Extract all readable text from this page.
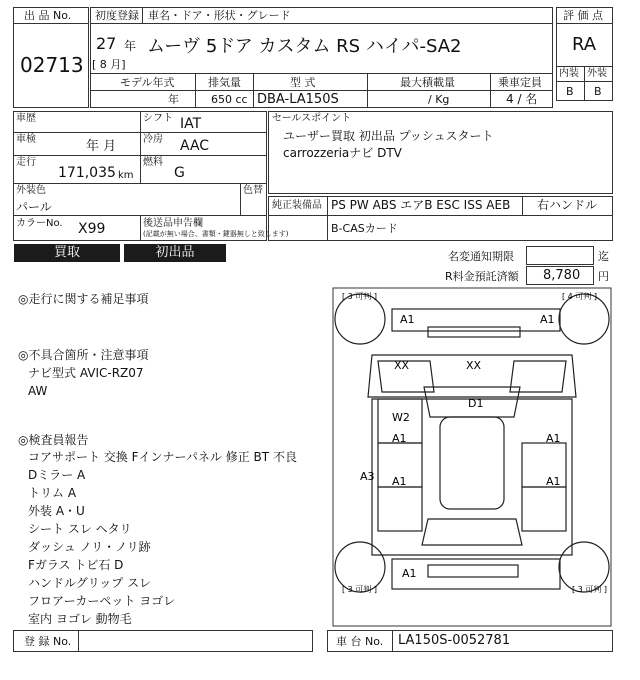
出 品 No.
02713
初度登録 車名・ドア・形状・グレード
27 年
[ 8 月]
ムーヴ 5ドア カスタム RS ハイパ-SA2
モデル年式	排気量	型 式	最大積載量	乗車定員
年	650 cc DBA-LA150S	/ Kg	4 / 名
評 価 点
RA
内装 外装
B B
車歴	シフト IAT
車検	年 月	冷房 AAC
走行
171,035 km
燃料
G
外装色
パール
色替
カラーNo. X99	後送品申告欄
セールスポイント
ユーザー買取 初出品 プッシュスタート
carrozzeriaナビ DTV
純正装備品 PS PW ABS エアB ESC ISS AEB 右ハンドル
B-CASカード
(記載が無い場合、書類・鍵器無しと致します)
買取	初出品	名変通知期限	迄
R料金預託済額 8,780 円
◎走行に関する補足事項
◎不具合箇所・注意事項
ナビ型式 AVIC-RZ07
AW
◎検査員報告
コアサポート 交換 Fインナーパネル 修正 BT 不良
Dミラー A
トリム A
外装 A・U
シート スレ ヘタリ
ダッシュ ノリ・ノリ跡
Fガラス トビ石 D
ハンドルグリップ スレ
フロアーカーペット ヨゴレ
室内 ヨゴレ 動物毛
[ 3 可判 ]	[ 4 可判 ]
[ 3 可判 ]	[ 3 可判 ]
A1	A1
XX	XX
D1
W2
A1	A1
A3 A1	A1
A1
登 録 No.	車 台 No. LA150S-0052781
